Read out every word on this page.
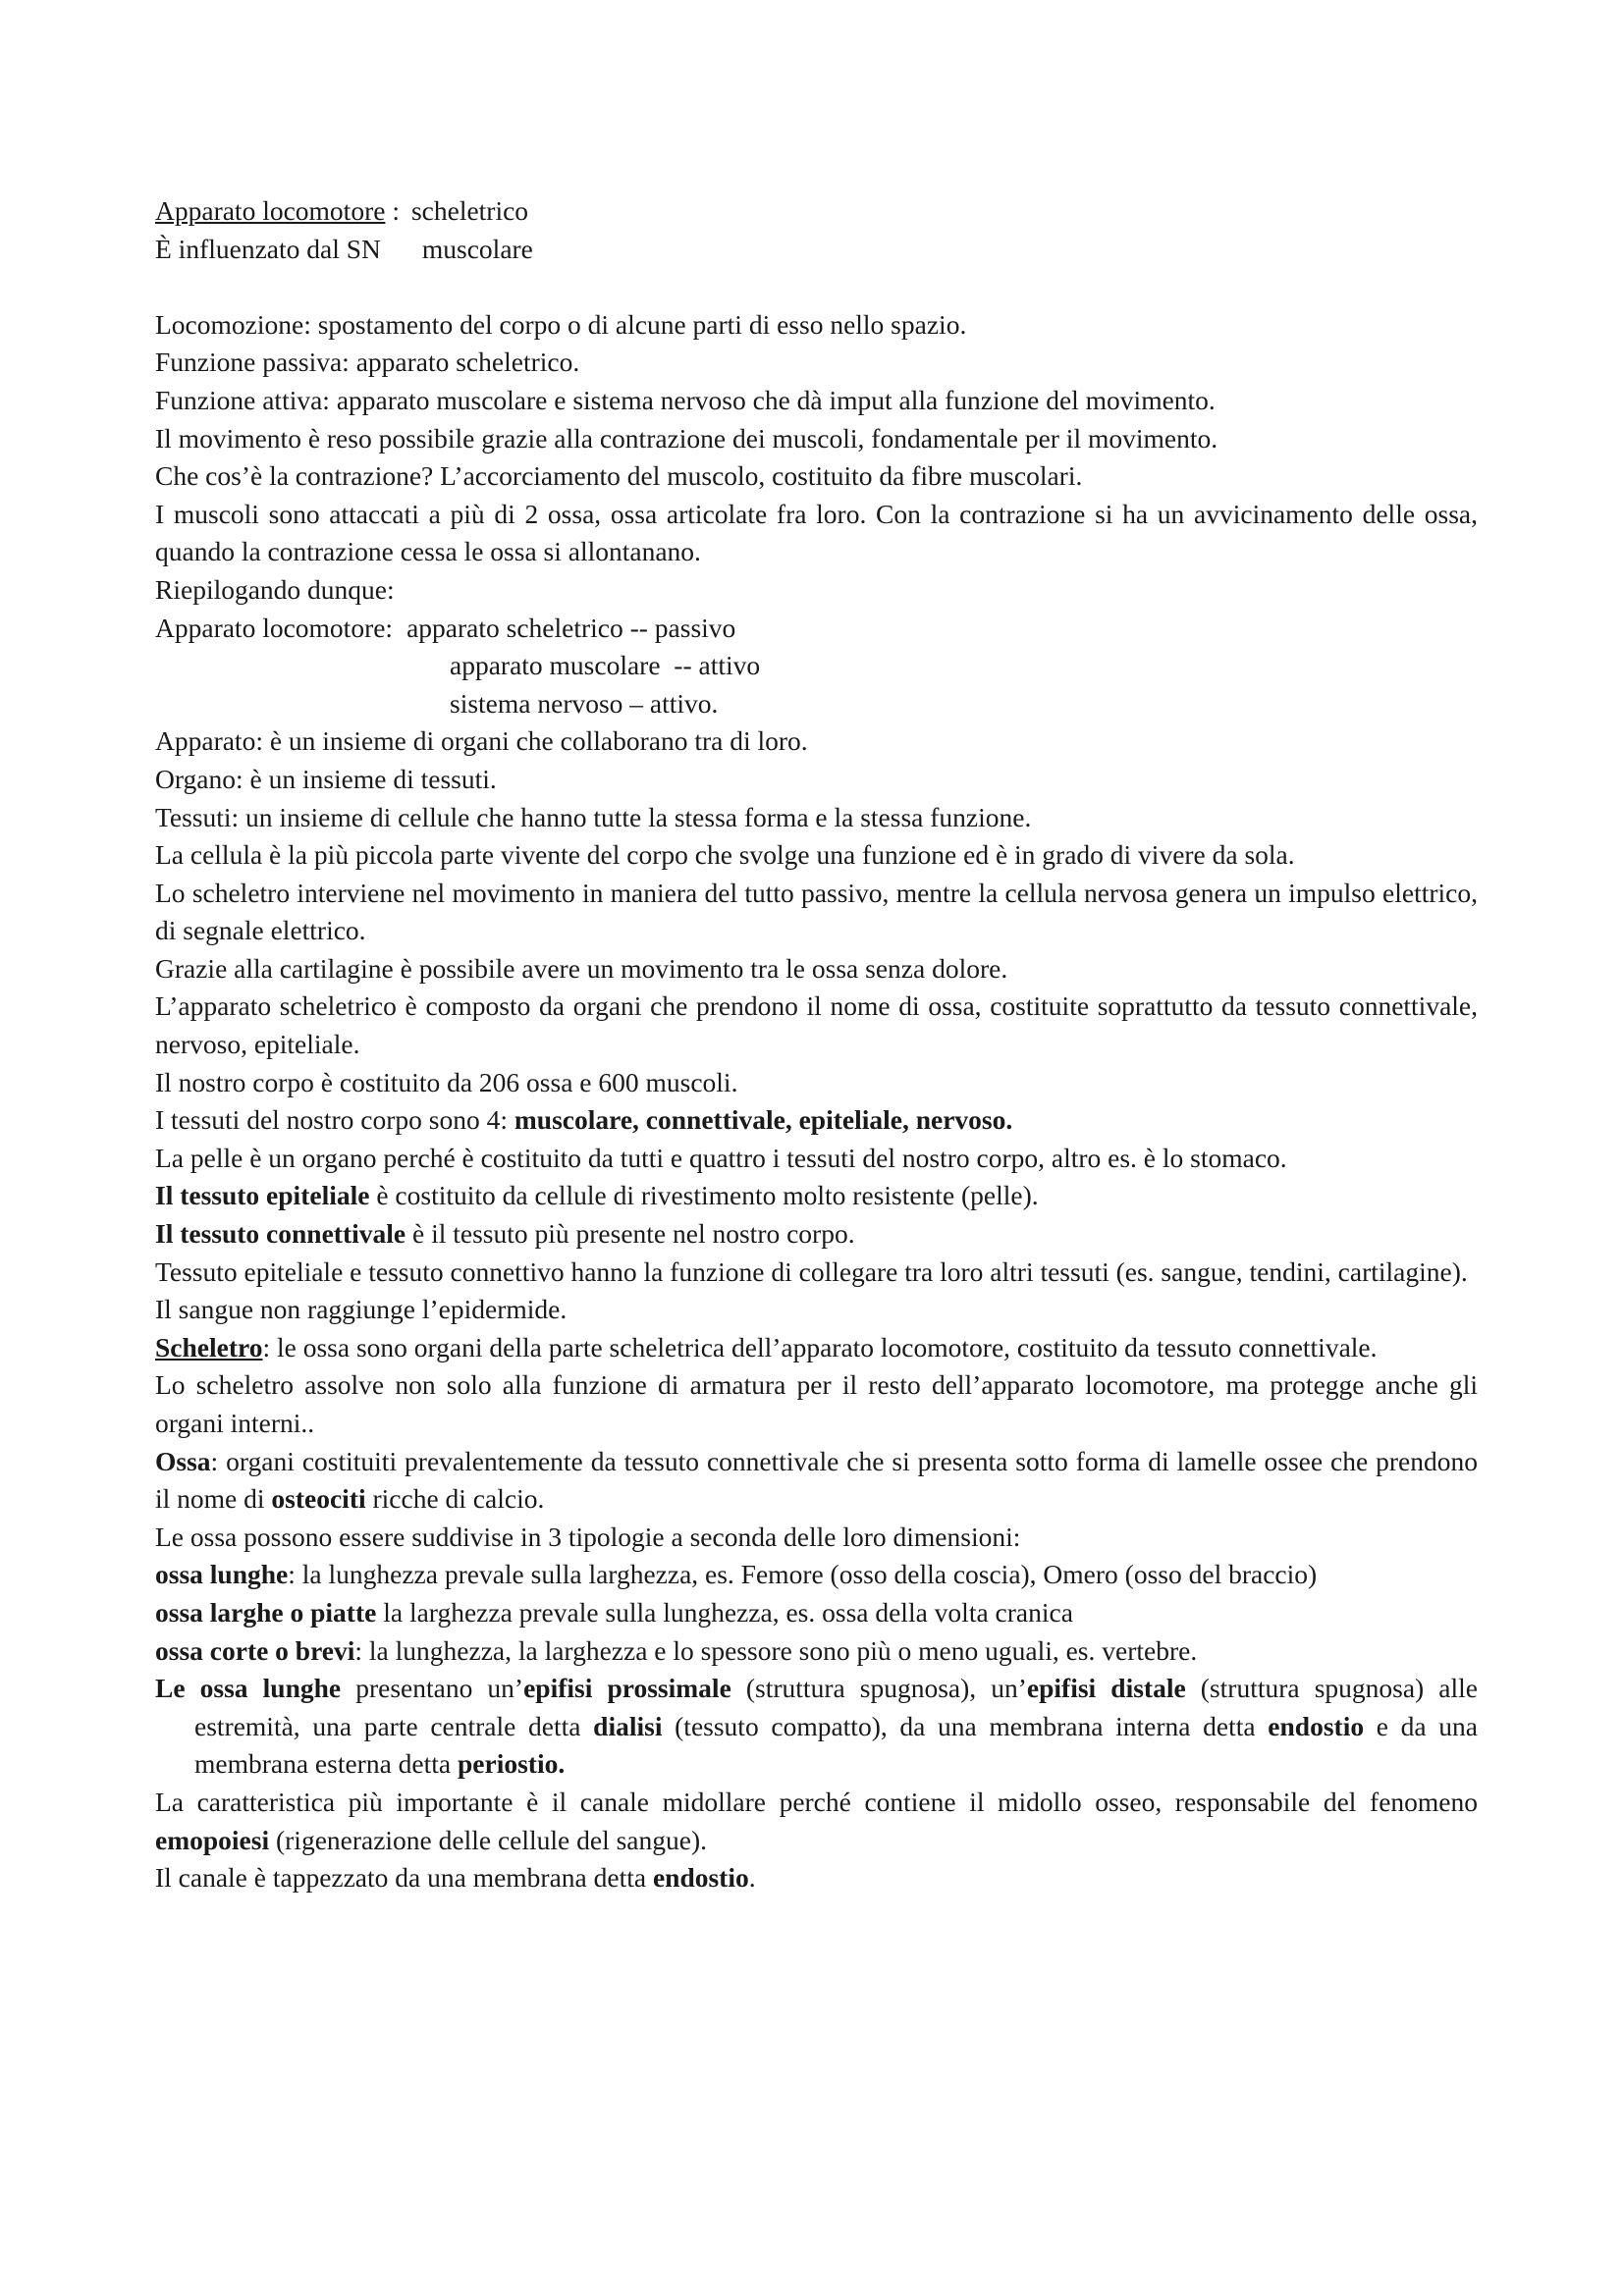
Apparato locomotore : scheletrico
È influenzato dal SN muscolare

Locomozione: spostamento del corpo o di alcune parti di esso nello spazio.

Funzione passiva: apparato scheletrico.

Funzione attiva: apparato muscolare e sistema nervoso che dà imput alla funzione del movimento.

Il movimento è reso possibile grazie alla contrazione dei muscoli, fondamentale per il movimento.

Che cos’è la contrazione? L’accorciamento del muscolo, costituito da fibre muscolari.

I muscoli sono attaccati a più di 2 ossa, ossa articolate fra loro. Con la contrazione si ha un avvicinamento delle ossa, quando la contrazione cessa le ossa si allontanano.

Riepilogando dunque:

Apparato locomotore: apparato scheletrico -- passivo
apparato muscolare  -- attivo
sistema nervoso – attivo.

Apparato: è un insieme di organi che collaborano tra di loro.

Organo: è un insieme di tessuti.

Tessuti: un insieme di cellule che hanno tutte la stessa forma e la stessa funzione.

La cellula è la più piccola parte vivente del corpo che svolge una funzione ed è in grado di vivere da sola.

Lo scheletro interviene nel movimento in maniera del tutto passivo, mentre la cellula nervosa genera un impulso elettrico, di segnale elettrico.

Grazie alla cartilagine è possibile avere un movimento tra le ossa senza dolore.

L’apparato scheletrico è composto da organi che prendono il nome di ossa, costituite soprattutto da tessuto connettivale, nervoso, epiteliale.

Il nostro corpo è costituito da 206 ossa e 600 muscoli.

I tessuti del nostro corpo sono 4: muscolare, connettivale, epiteliale, nervoso.

La pelle è un organo perché è costituito da tutti e quattro i tessuti del nostro corpo, altro es. è lo stomaco.

Il tessuto epiteliale è costituito da cellule di rivestimento molto resistente (pelle).

Il tessuto connettivale è il tessuto più presente nel nostro corpo.

Tessuto epiteliale e tessuto connettivo hanno la funzione di collegare tra loro altri tessuti (es. sangue, tendini, cartilagine).

Il sangue non raggiunge l’epidermide.

Scheletro: le ossa sono organi della parte scheletrica dell’apparato locomotore, costituito da tessuto connettivale.

Lo scheletro assolve non solo alla funzione di armatura per il resto dell’apparato locomotore, ma protegge anche gli organi interni..

Ossa: organi costituiti prevalentemente da tessuto connettivale che si presenta sotto forma di lamelle ossee che prendono il nome di osteociti ricche di calcio.

Le ossa possono essere suddivise in 3 tipologie a seconda delle loro dimensioni:

ossa lunghe: la lunghezza prevale sulla larghezza, es. Femore (osso della coscia), Omero (osso del braccio)

ossa larghe o piatte la larghezza prevale sulla lunghezza, es. ossa della volta cranica

ossa corte o brevi: la lunghezza, la larghezza e lo spessore sono più o meno uguali, es. vertebre.

Le ossa lunghe presentano un’epifisi prossimale (struttura spugnosa), un’epifisi distale (struttura spugnosa) alle estremità, una parte centrale detta dialisi (tessuto compatto), da una membrana interna detta endostio e da una membrana esterna detta periostio.

La caratteristica più importante è il canale midollare perché contiene il midollo osseo, responsabile del fenomeno emopoiesi (rigenerazione delle cellule del sangue).

Il canale è tappezzato da una membrana detta endostio.
